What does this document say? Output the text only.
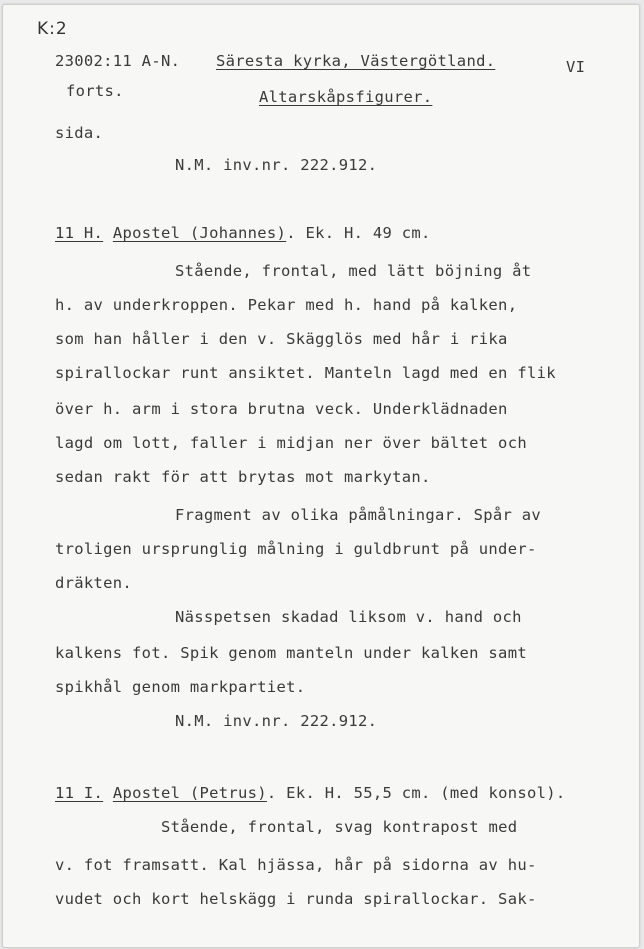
K:2
23002:11 A-N. Säresta kyrka, Västergötland.	VI
forts.	Altarskåpsfigurer.
sida.
N.M. inv.nr. 222.912.
11 H. Apostel (Johannes). Ek. H. 49 cm.
Stående, frontal, med lätt böjning åt
h. av underkroppen. Pekar med h. hand på kalken,
som han håller i den v. Skägglös med hår i rika
spirallockar runt ansiktet. Manteln lagd med en flik
över h. arm i stora brutna veck. Underklädnaden
lagd om lott, faller i midjan ner över bältet och
sedan rakt för att brytas mot markytan.
Fragment av olika påmålningar. Spår av
troligen ursprunglig målning i guldbrunt på under-
dräkten.
Nässpetsen skadad liksom v. hand och
kalkens fot. Spik genom manteln under kalken samt
spikhål genom markpartiet.
N.M. inv.nr. 222.912.
11 I. Apostel (Petrus). Ek. H. 55,5 cm. (med konsol).
Stående, frontal, svag kontrapost med
v. fot framsatt. Kal hjässa, hår på sidorna av hu-
vudet och kort helskägg i runda spirallockar. Sak-
